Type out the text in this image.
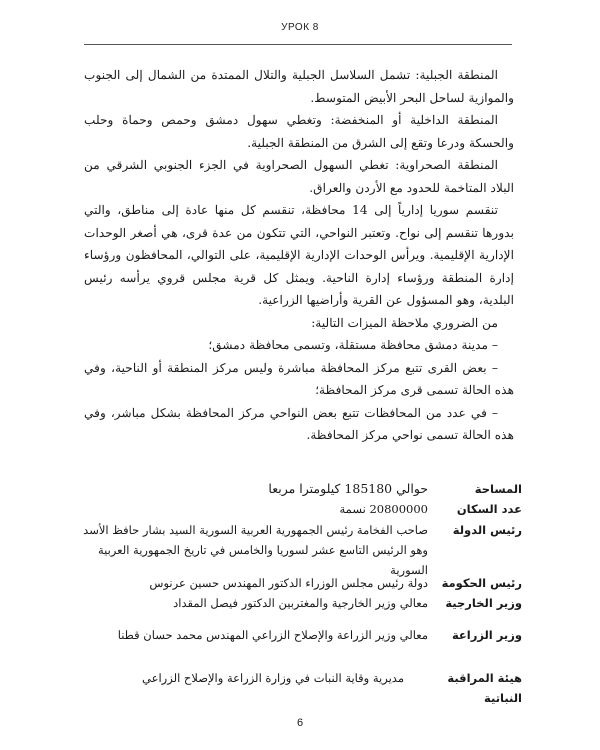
УРОК 8

المنطقة الجبلية: تشمل السلاسل الجبلية والتلال الممتدة من الشمال إلى الجنوب والموازية لساحل البحر الأبيض المتوسط.

المنطقة الداخلية أو المنخفضة: وتغطي سهول دمشق وحمص وحماة وحلب والحسكة ودرعا وتقع إلى الشرق من المنطقة الجبلية.

المنطقة الصحراوية: تغطي السهول الصحراوية في الجزء الجنوبي الشرقي من البلاد المتاخمة للحدود مع الأردن والعراق.

تنقسم سوريا إدارياً إلى 14 محافظة، تنقسم كل منها عادة إلى مناطق، والتي بدورها تنقسم إلى نواح. وتعتبر النواحي، التي تتكون من عدة قرى، هي أصغر الوحدات الإدارية الإقليمية. ويرأس الوحدات الإدارية الإقليمية، على التوالي، المحافظون ورؤساء إدارة المنطقة ورؤساء إدارة الناحية. ويمثل كل قرية مجلس قروي يرأسه رئيس البلدية، وهو المسؤول عن القرية وأراضيها الزراعية.

من الضروري ملاحظة الميزات التالية:

– مدينة دمشق محافظة مستقلة، وتسمى محافظة دمشق؛

– بعض القرى تتبع مركز المحافظة مباشرة وليس مركز المنطقة أو الناحية، وفي هذه الحالة تسمى قرى مركز المحافظة؛

– في عدد من المحافظات تتبع بعض النواحي مركز المحافظة بشكل مباشر، وفي هذه الحالة تسمى نواحي مركز المحافظة.

المساحة
حوالي 185180 كيلومترا مربعا
عدد السكان
20800000 نسمة
رئيس الدولة
صاحب الفخامة رئيس الجمهورية العربية السورية السيد بشار حافظ الأسد وهو الرئيس التاسع عشر لسوريا والخامس في تاريخ الجمهورية العربية السورية
رئيس الحكومة
دولة رئيس مجلس الوزراء الدكتور المهندس حسين عرنوس
وزير الخارجية
معالي وزير الخارجية والمغتربين الدكتور فيصل المقداد
وزير الزراعة
معالي وزير الزراعة والإصلاح الزراعي المهندس محمد حسان قطنا
هيئة المراقبة النباتية
مديرية وقاية النبات في وزارة الزراعة والإصلاح الزراعي
6
